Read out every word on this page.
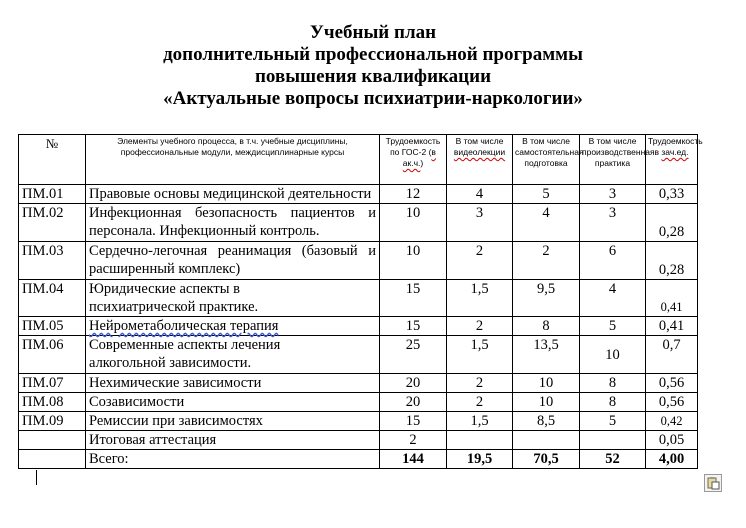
Учебный план
дополнительный профессиональной программы
повышения квалификации
«Актуальные вопросы психиатрии-наркологии»
№	Элементы учебного процесса, в т.ч. учебные дисциплины, профессиональные модули, междисциплинарные курсы	Трудоемкость по ГОС-2 (в ак.ч.)	В том числе видеолекции	В том числе самостоятельная подготовка	В том числе производственная практика	Трудоемкость в зач.ед.
ПМ.01	Правовые основы медицинской деятельности	12	4	5	3	0,33
ПМ.02	Инфекционная безопасность пациентов и персонала. Инфекционный контроль.	10	3	4	3	0,28
ПМ.03	Сердечно-легочная реанимация (базовый и расширенный комплекс)	10	2	2	6	0,28
ПМ.04	Юридические аспекты в психиатрической практике.	15	1,5	9,5	4	0,41
ПМ.05	Нейрометаболическая терапия	15	2	8	5	0,41
ПМ.06	Современные аспекты лечения алкогольной зависимости.	25	1,5	13,5	10	0,7
ПМ.07	Нехимические зависимости	20	2	10	8	0,56
ПМ.08	Созависимости	20	2	10	8	0,56
ПМ.09	Ремиссии при зависимостях	15	1,5	8,5	5	0,42
	Итоговая аттестация	2				0,05
	Всего:	144	19,5	70,5	52	4,00
